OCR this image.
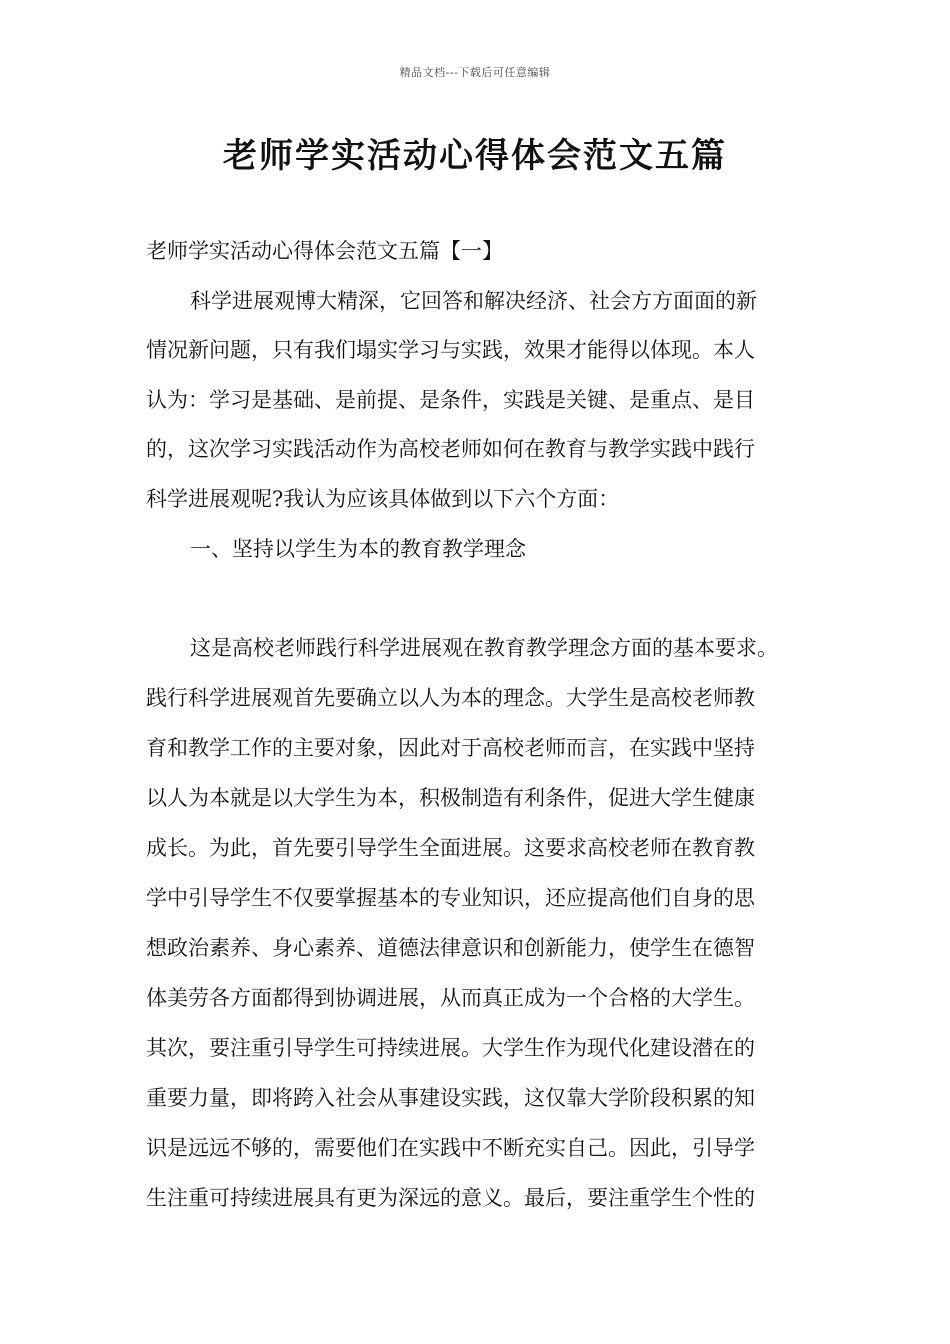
精品文档---下载后可任意编辑
老师学实活动心得体会范文五篇
老师学实活动心得体会范文五篇【一】
科学进展观博大精深，它回答和解决经济、社会方方面面的新
情况新问题，只有我们塌实学习与实践，效果才能得以体现。本人
认为：学习是基础、是前提、是条件，实践是关键、是重点、是目
的，这次学习实践活动作为高校老师如何在教育与教学实践中践行
科学进展观呢?我认为应该具体做到以下六个方面：
一、坚持以学生为本的教育教学理念
这是高校老师践行科学进展观在教育教学理念方面的基本要求。
践行科学进展观首先要确立以人为本的理念。大学生是高校老师教
育和教学工作的主要对象，因此对于高校老师而言，在实践中坚持
以人为本就是以大学生为本，积极制造有利条件，促进大学生健康
成长。为此，首先要引导学生全面进展。这要求高校老师在教育教
学中引导学生不仅要掌握基本的专业知识，还应提高他们自身的思
想政治素养、身心素养、道德法律意识和创新能力，使学生在德智
体美劳各方面都得到协调进展，从而真正成为一个合格的大学生。
其次，要注重引导学生可持续进展。大学生作为现代化建设潜在的
重要力量，即将跨入社会从事建设实践，这仅靠大学阶段积累的知
识是远远不够的，需要他们在实践中不断充实自己。因此，引导学
生注重可持续进展具有更为深远的意义。最后，要注重学生个性的
